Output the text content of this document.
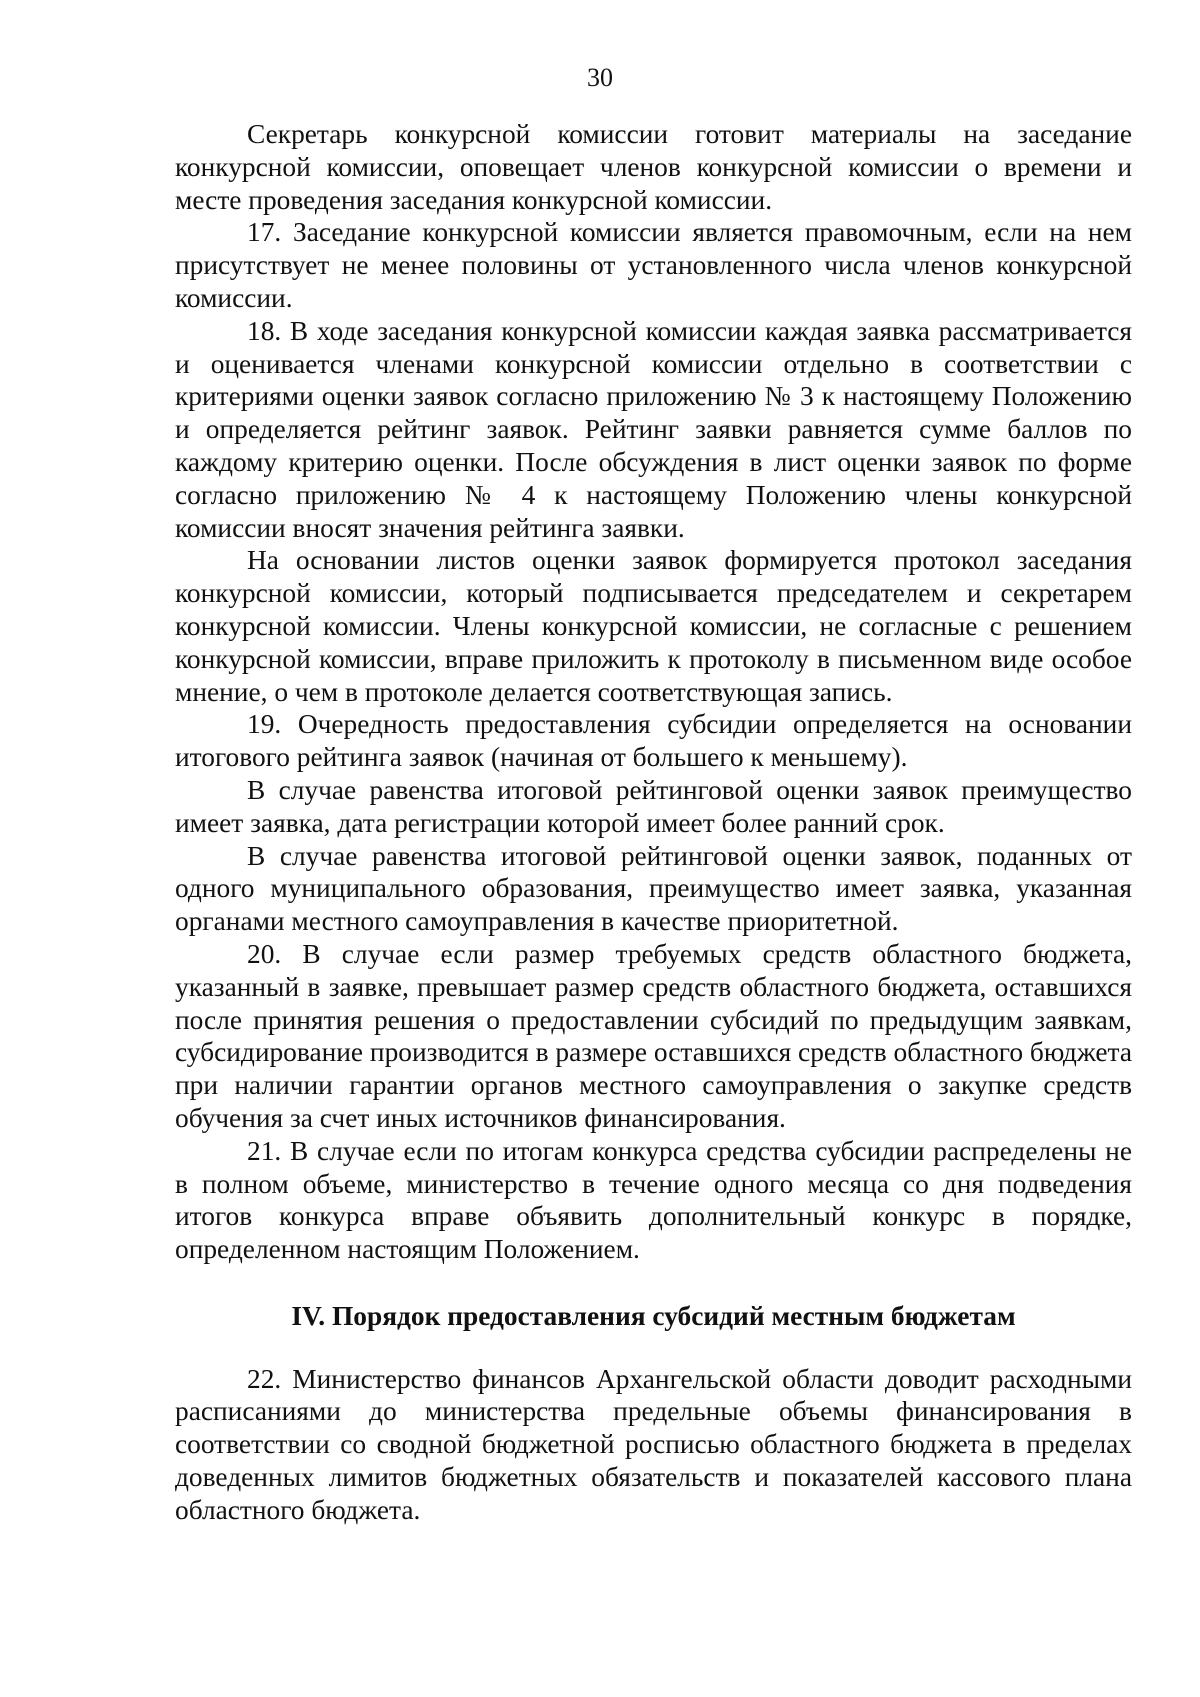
30

Секретарь конкурсной комиссии готовит материалы на заседание конкурсной комиссии, оповещает членов конкурсной комиссии о времени и месте проведения заседания конкурсной комиссии.

17. Заседание конкурсной комиссии является правомочным, если на нем присутствует не менее половины от установленного числа членов конкурсной комиссии.

18. В ходе заседания конкурсной комиссии каждая заявка рассматривается и оценивается членами конкурсной комиссии отдельно в соответствии с критериями оценки заявок согласно приложению № 3 к настоящему Положению и определяется рейтинг заявок. Рейтинг заявки равняется сумме баллов по каждому критерию оценки. После обсуждения в лист оценки заявок по форме согласно приложению № 4 к настоящему Положению члены конкурсной комиссии вносят значения рейтинга заявки.

На основании листов оценки заявок формируется протокол заседания конкурсной комиссии, который подписывается председателем и секретарем конкурсной комиссии. Члены конкурсной комиссии, не согласные с решением конкурсной комиссии, вправе приложить к протоколу в письменном виде особое мнение, о чем в протоколе делается соответствующая запись.

19. Очередность предоставления субсидии определяется на основании итогового рейтинга заявок (начиная от большего к меньшему).

В случае равенства итоговой рейтинговой оценки заявок преимущество имеет заявка, дата регистрации которой имеет более ранний срок.

В случае равенства итоговой рейтинговой оценки заявок, поданных от одного муниципального образования, преимущество имеет заявка, указанная органами местного самоуправления в качестве приоритетной.

20. В случае если размер требуемых средств областного бюджета, указанный в заявке, превышает размер средств областного бюджета, оставшихся после принятия решения о предоставлении субсидий по предыдущим заявкам, субсидирование производится в размере оставшихся средств областного бюджета при наличии гарантии органов местного самоуправления о закупке средств обучения за счет иных источников финансирования.

21. В случае если по итогам конкурса средства субсидии распределены не в полном объеме, министерство в течение одного месяца со дня подведения итогов конкурса вправе объявить дополнительный конкурс в порядке, определенном настоящим Положением.

IV. Порядок предоставления субсидий местным бюджетам

22. Министерство финансов Архангельской области доводит расходными расписаниями до министерства предельные объемы финансирования в соответствии со сводной бюджетной росписью областного бюджета в пределах доведенных лимитов бюджетных обязательств и показателей кассового плана областного бюджета.
